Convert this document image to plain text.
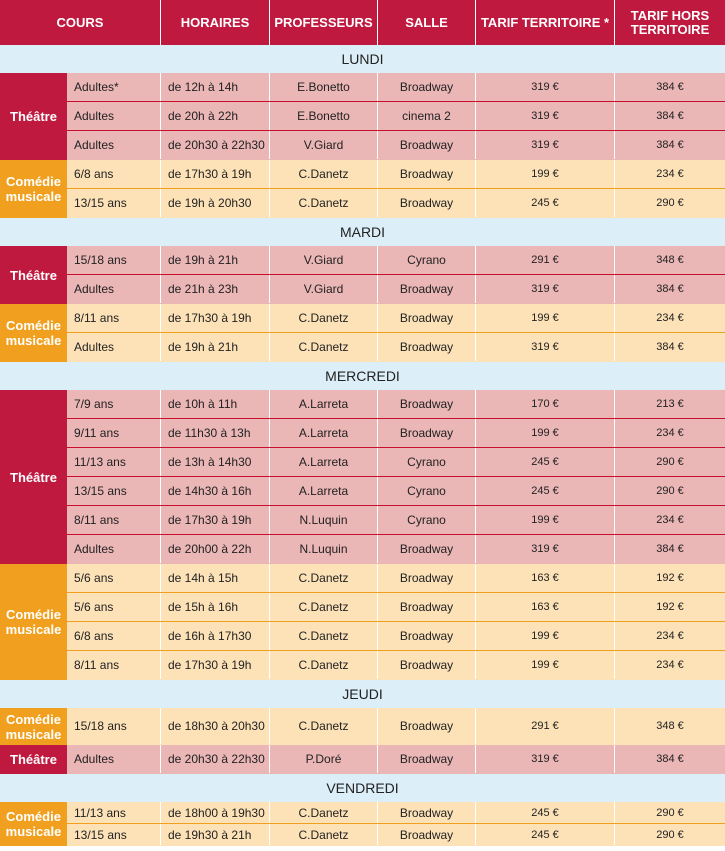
COURS	HORAIRES	PROFESSEURS	SALLE	TARIF TERRITOIRE *	TARIF HORS TERRITOIRE
LUNDI
Théâtre
Adultes*	de 12h à 14h	E.Bonetto	Broadway	319 €	384 €
Adultes	de 20h à 22h	E.Bonetto	cinema 2	319 €	384 €
Adultes	de 20h30 à 22h30	V.Giard	Broadway	319 €	384 €
Comédie musicale
6/8 ans	de 17h30 à 19h	C.Danetz	Broadway	199 €	234 €
13/15 ans	de 19h à 20h30	C.Danetz	Broadway	245 €	290 €
MARDI
Théâtre
15/18 ans	de 19h à 21h	V.Giard	Cyrano	291 €	348 €
Adultes	de 21h à 23h	V.Giard	Broadway	319 €	384 €
Comédie musicale
8/11 ans	de 17h30 à 19h	C.Danetz	Broadway	199 €	234 €
Adultes	de 19h à 21h	C.Danetz	Broadway	319 €	384 €
MERCREDI
Théâtre
7/9 ans	de 10h à 11h	A.Larreta	Broadway	170 €	213 €
9/11 ans	de 11h30 à 13h	A.Larreta	Broadway	199 €	234 €
11/13 ans	de 13h à 14h30	A.Larreta	Cyrano	245 €	290 €
13/15 ans	de 14h30 à 16h	A.Larreta	Cyrano	245 €	290 €
8/11 ans	de 17h30 à 19h	N.Luquin	Cyrano	199 €	234 €
Adultes	de 20h00 à 22h	N.Luquin	Broadway	319 €	384 €
Comédie musicale
5/6 ans	de 14h à 15h	C.Danetz	Broadway	163 €	192 €
5/6 ans	de 15h à 16h	C.Danetz	Broadway	163 €	192 €
6/8 ans	de 16h à 17h30	C.Danetz	Broadway	199 €	234 €
8/11 ans	de 17h30 à 19h	C.Danetz	Broadway	199 €	234 €
JEUDI
Comédie musicale
15/18 ans	de 18h30 à 20h30	C.Danetz	Broadway	291 €	348 €
Théâtre	Adultes	de 20h30 à 22h30	P.Doré	Broadway	319 €	384 €
VENDREDI
Comédie musicale
11/13 ans	de 18h00 à 19h30	C.Danetz	Broadway	245 €	290 €
13/15 ans	de 19h30 à 21h	C.Danetz	Broadway	245 €	290 €
